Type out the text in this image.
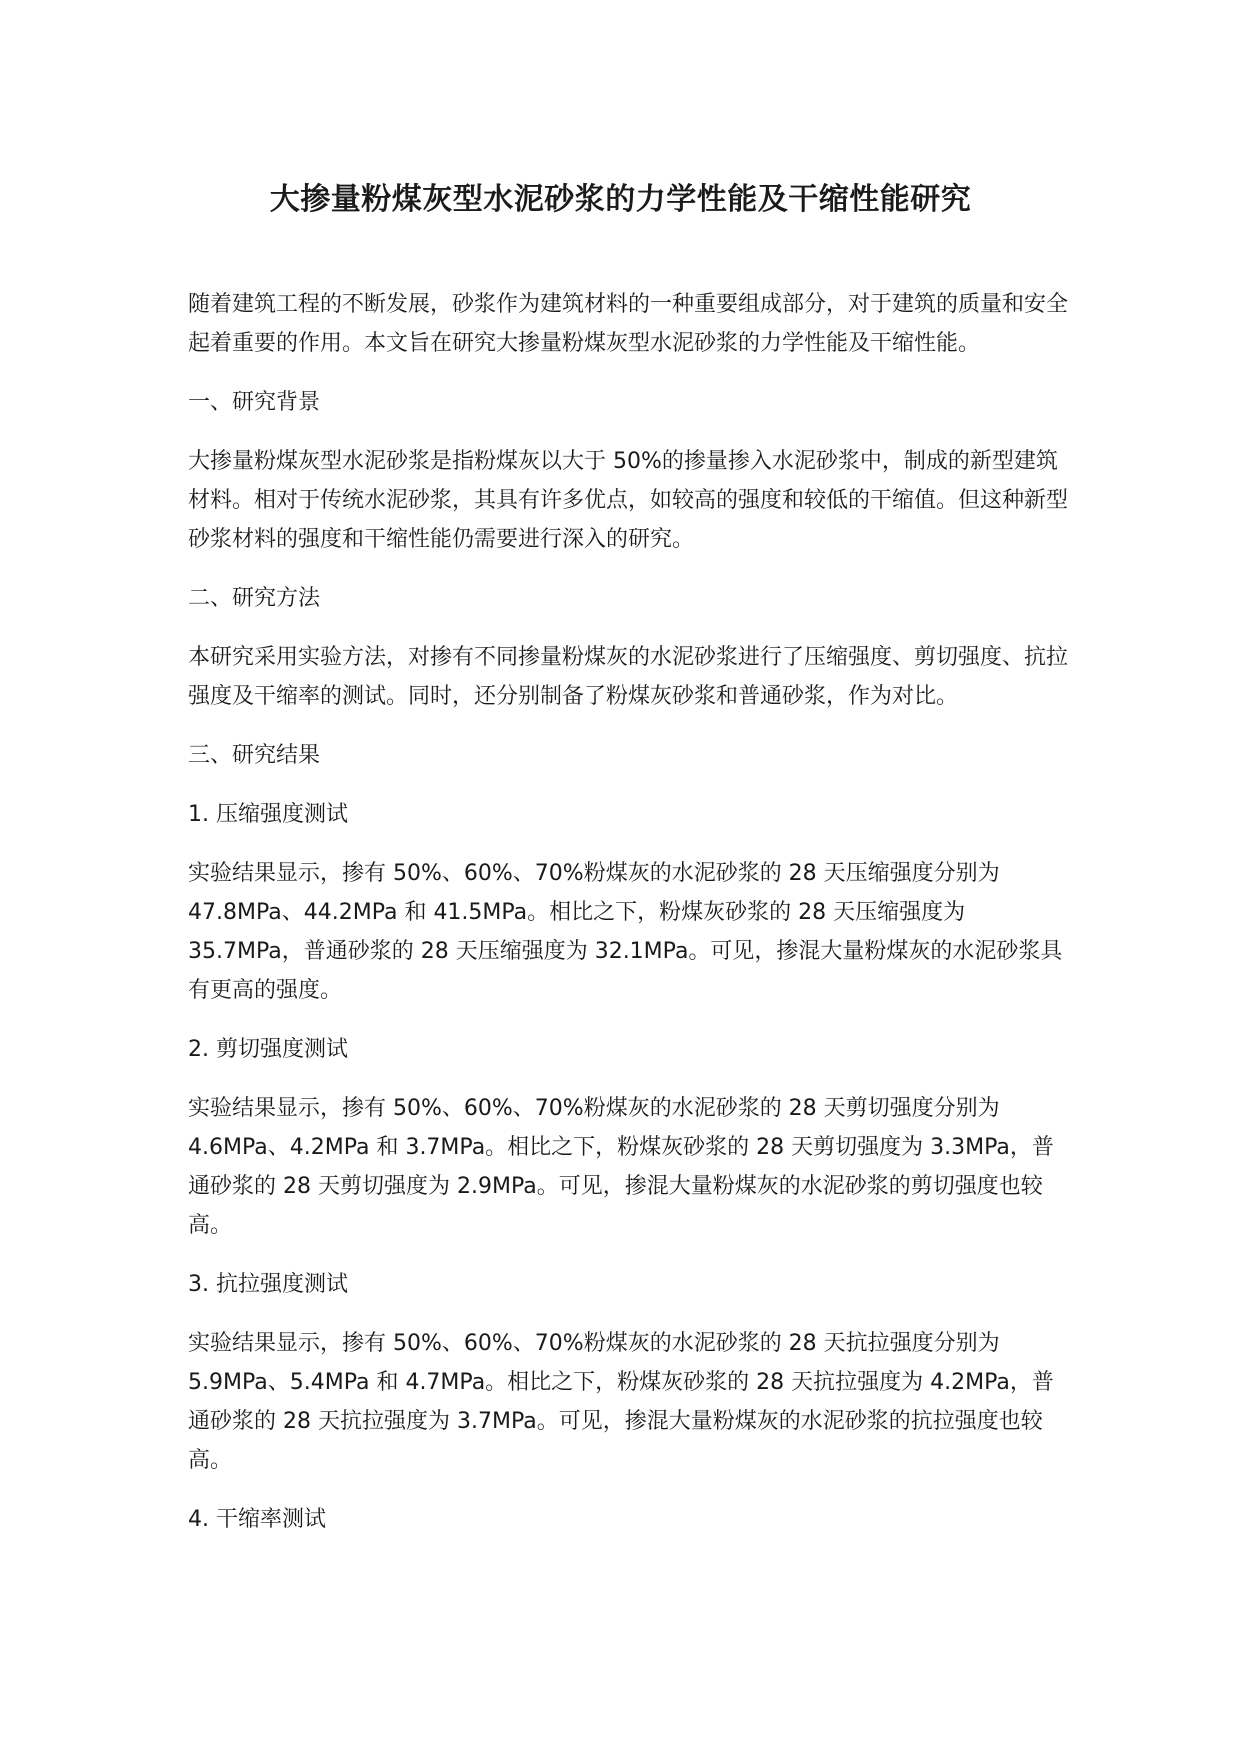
大掺量粉煤灰型水泥砂浆的力学性能及干缩性能研究

随着建筑工程的不断发展，砂浆作为建筑材料的一种重要组成部分，对于建筑的质量和安全起着重要的作用。本文旨在研究大掺量粉煤灰型水泥砂浆的力学性能及干缩性能。

一、研究背景

大掺量粉煤灰型水泥砂浆是指粉煤灰以大于 50%的掺量掺入水泥砂浆中，制成的新型建筑材料。相对于传统水泥砂浆，其具有许多优点，如较高的强度和较低的干缩值。但这种新型砂浆材料的强度和干缩性能仍需要进行深入的研究。

二、研究方法

本研究采用实验方法，对掺有不同掺量粉煤灰的水泥砂浆进行了压缩强度、剪切强度、抗拉强度及干缩率的测试。同时，还分别制备了粉煤灰砂浆和普通砂浆，作为对比。

三、研究结果

1. 压缩强度测试

实验结果显示，掺有 50%、60%、70%粉煤灰的水泥砂浆的 28 天压缩强度分别为 47.8MPa、44.2MPa 和 41.5MPa。相比之下，粉煤灰砂浆的 28 天压缩强度为 35.7MPa，普通砂浆的 28 天压缩强度为 32.1MPa。可见，掺混大量粉煤灰的水泥砂浆具有更高的强度。

2. 剪切强度测试

实验结果显示，掺有 50%、60%、70%粉煤灰的水泥砂浆的 28 天剪切强度分别为 4.6MPa、4.2MPa 和 3.7MPa。相比之下，粉煤灰砂浆的 28 天剪切强度为 3.3MPa，普通砂浆的 28 天剪切强度为 2.9MPa。可见，掺混大量粉煤灰的水泥砂浆的剪切强度也较高。

3. 抗拉强度测试

实验结果显示，掺有 50%、60%、70%粉煤灰的水泥砂浆的 28 天抗拉强度分别为 5.9MPa、5.4MPa 和 4.7MPa。相比之下，粉煤灰砂浆的 28 天抗拉强度为 4.2MPa，普通砂浆的 28 天抗拉强度为 3.7MPa。可见，掺混大量粉煤灰的水泥砂浆的抗拉强度也较高。

4. 干缩率测试
